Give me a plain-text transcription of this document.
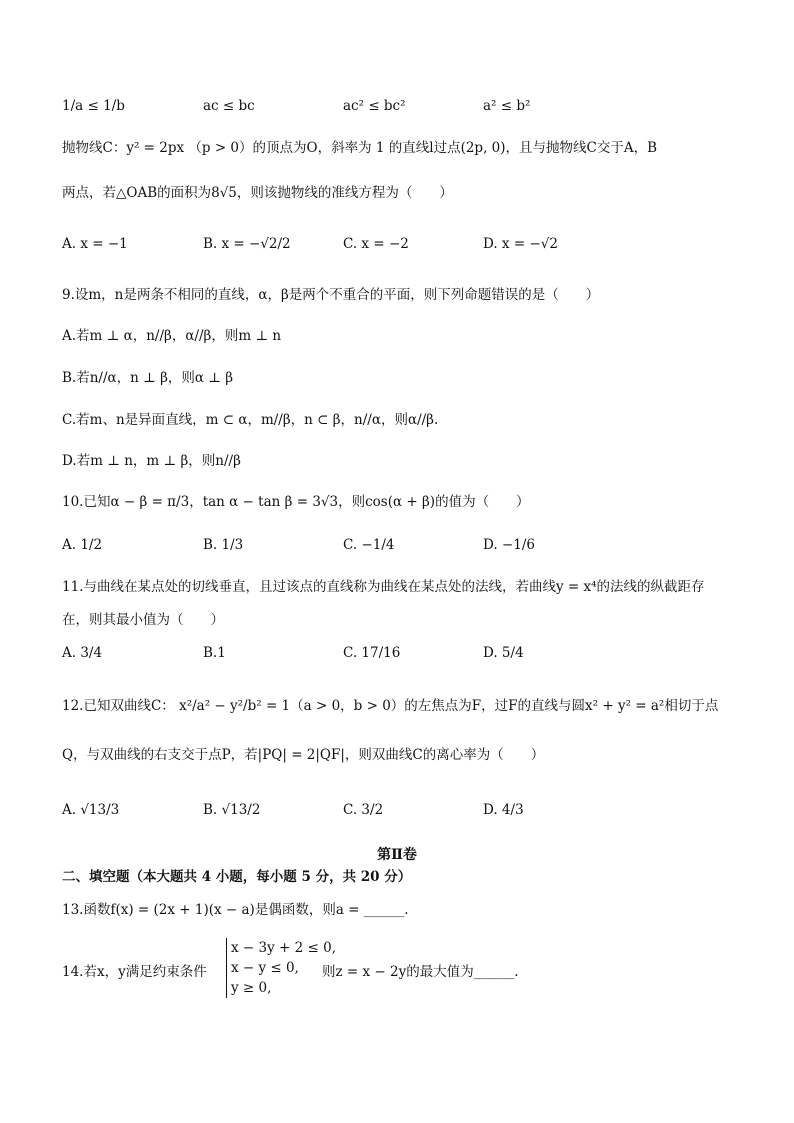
1/a ≤ 1/b	ac ≤ bc	ac² ≤ bc²	a² ≤ b²
抛物线C：y² = 2px （p > 0）的顶点为O，斜率为 1 的直线l过点(2p, 0)，且与抛物线C交于A，B
两点，若△OAB的面积为8√5，则该抛物线的准线方程为（　　）
A. x = −1	B. x = −√2/2	C. x = −2	D. x = −√2
9.设m，n是两条不相同的直线，α，β是两个不重合的平面，则下列命题错误的是（　　）
A.若m ⊥ α，n//β，α//β，则m ⊥ n
B.若n//α，n ⊥ β，则α ⊥ β
C.若m、n是异面直线，m ⊂ α，m//β，n ⊂ β，n//α，则α//β.
D.若m ⊥ n，m ⊥ β，则n//β
10.已知α − β = π/3，tan α − tan β = 3√3，则cos(α + β)的值为（　　）
A. 1/2	B. 1/3	C. −1/4	D. −1/6
11.与曲线在某点处的切线垂直，且过该点的直线称为曲线在某点处的法线，若曲线y = x⁴的法线的纵截距存
在，则其最小值为（　　）
A. 3/4	B.1	C. 17/16	D. 5/4
12.已知双曲线C： x²/a² − y²/b² = 1（a > 0，b > 0）的左焦点为F，过F的直线与圆x² + y² = a²相切于点
Q，与双曲线的右支交于点P，若|PQ| = 2|QF|，则双曲线C的离心率为（　　）
A. √13/3	B. √13/2	C. 3/2	D. 4/3
第Ⅱ卷
二、填空题（本大题共 4 小题，每小题 5 分，共 20 分）
13.函数f(x) = (2x + 1)(x − a)是偶函数，则a = ______.
14.若x，y满足约束条件
x − 3y + 2 ≤ 0,
x − y ≤ 0,
y ≥ 0,
则z = x − 2y的最大值为______.
